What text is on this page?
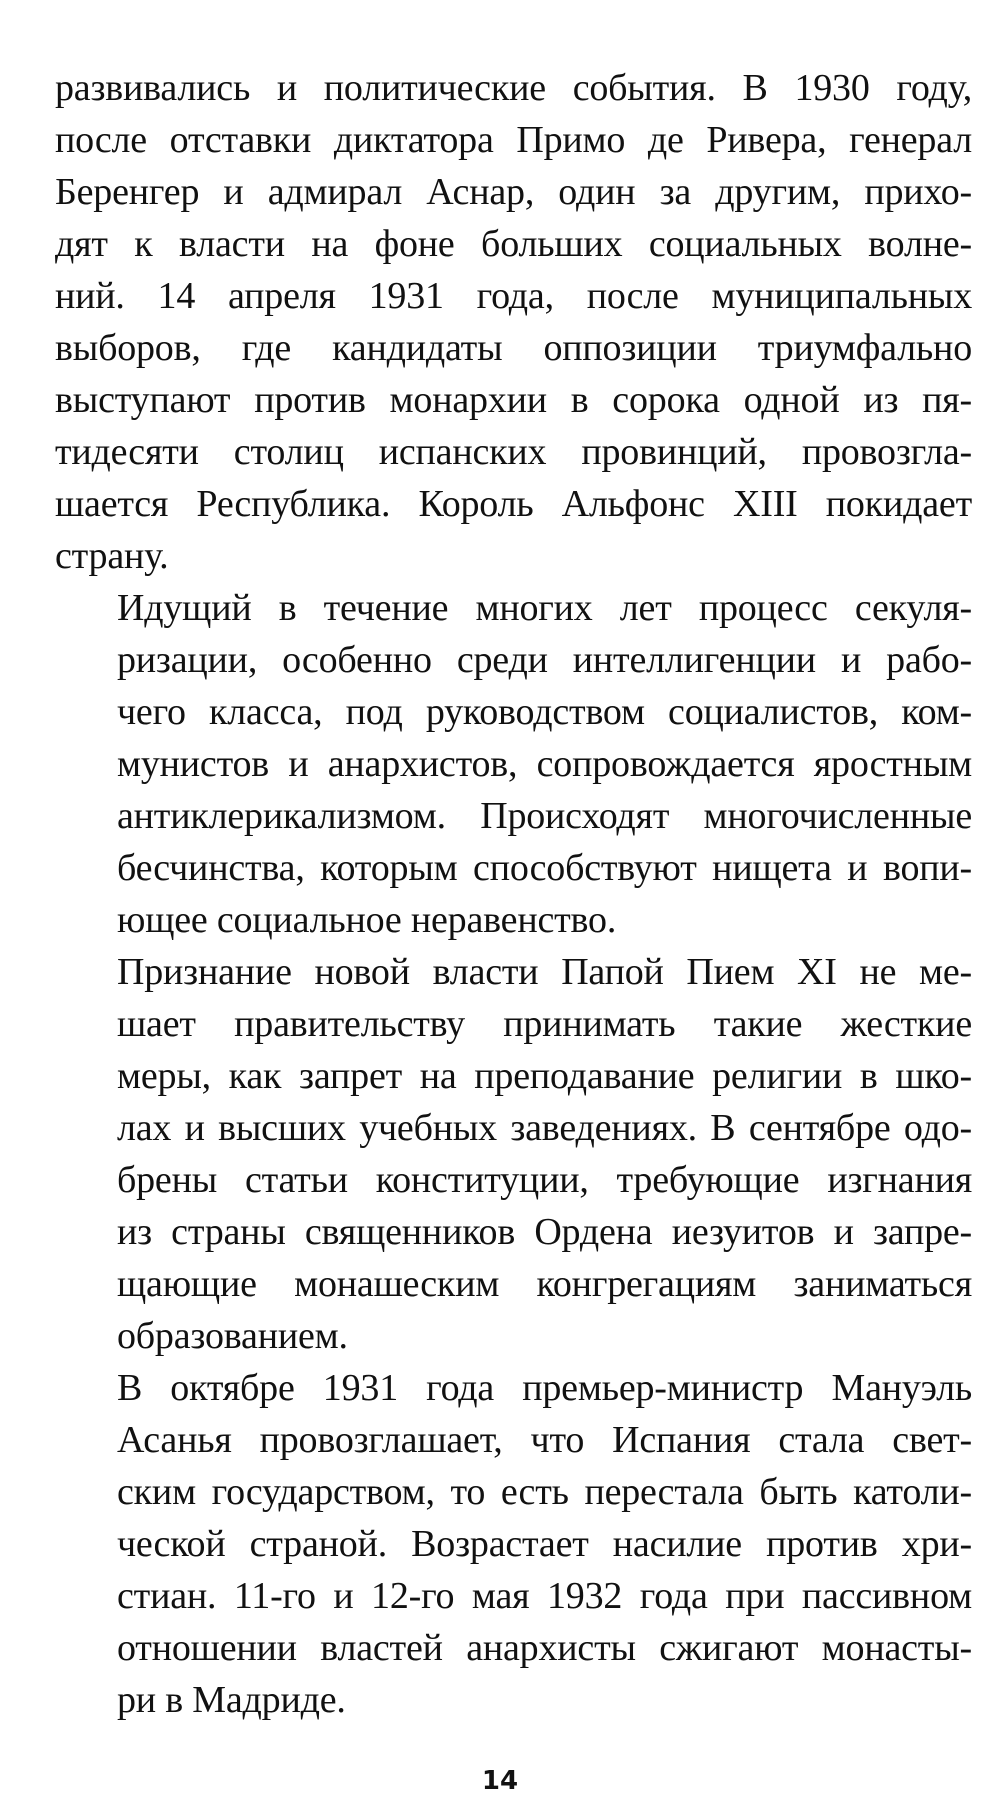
развивались и политические события. В 1930 году,
после отставки диктатора Примо де Ривера, генерал
Беренгер и адмирал Аснар, один за другим, прихо-
дят к власти на фоне больших социальных волне-
ний. 14 апреля 1931 года, после муниципальных
выборов, где кандидаты оппозиции триумфально
выступают против монархии в сорока одной из пя-
тидесяти столиц испанских провинций, провозгла-
шается Республика. Король Альфонс XIII покидает
страну.

Идущий в течение многих лет процесс секуля-
ризации, особенно среди интеллигенции и рабо-
чего класса, под руководством социалистов, ком-
мунистов и анархистов, сопровождается яростным
антиклерикализмом. Происходят многочисленные
бесчинства, которым способствуют нищета и вопи-
ющее социальное неравенство.

Признание новой власти Папой Пием XI не ме-
шает правительству принимать такие жесткие
меры, как запрет на преподавание религии в шко-
лах и высших учебных заведениях. В сентябре одо-
брены статьи конституции, требующие изгнания
из страны священников Ордена иезуитов и запре-
щающие монашеским конгрегациям заниматься
образованием.

В октябре 1931 года премьер-министр Мануэль
Асанья провозглашает, что Испания стала свет-
ским государством, то есть перестала быть католи-
ческой страной. Возрастает насилие против хри-
стиан. 11-го и 12-го мая 1932 года при пассивном
отношении властей анархисты сжигают монасты-
ри в Мадриде.

14
